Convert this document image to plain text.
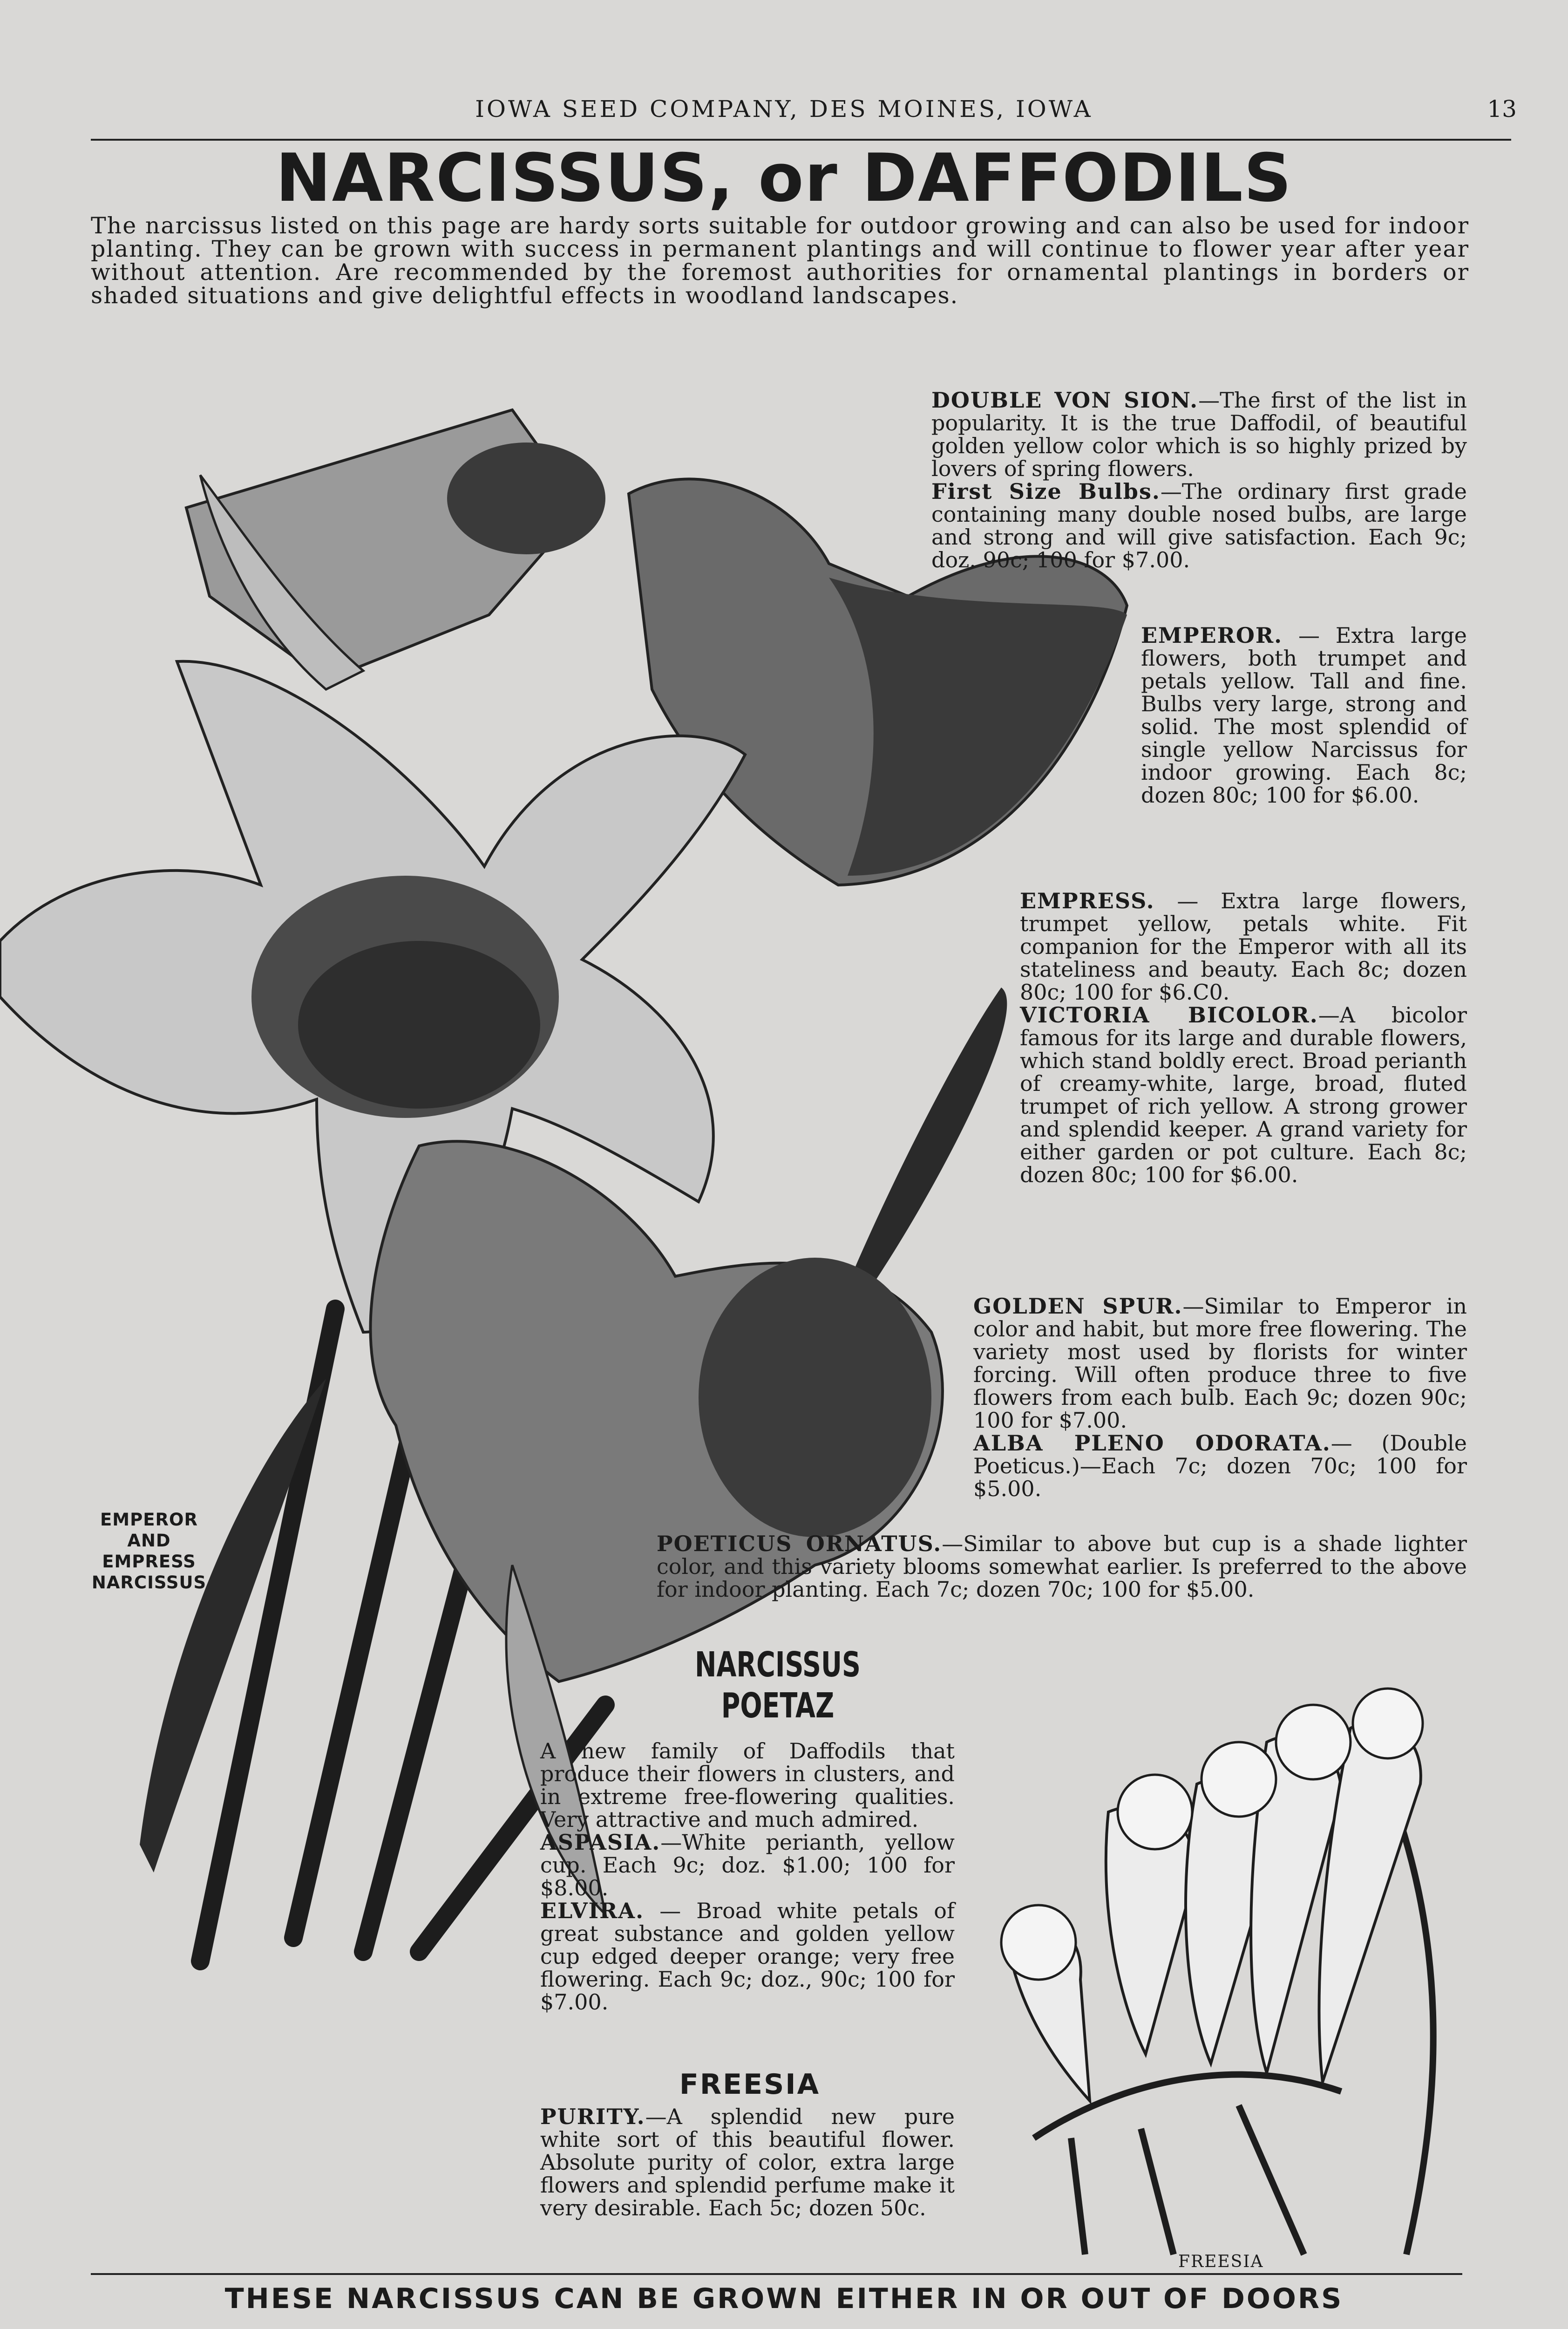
IOWA SEED COMPANY, DES MOINES, IOWA	13
NARCISSUS, or DAFFODILS
The narcissus listed on this page are hardy sorts suitable for outdoor growing and can also be used for indoor planting. They can be grown with success in permanent plantings and will continue to flower year after year without attention. Are recommended by the foremost authorities for ornamental plantings in borders or shaded situations and give delightful effects in woodland landscapes.
EMPEROR AND EMPRESS NARCISSUS

DOUBLE VON SION.—The first of the list in popularity. It is the true Daffodil, of beautiful golden yellow color which is so highly prized by lovers of spring flowers.

First Size Bulbs.—The ordinary first grade containing many double nosed bulbs, are large and strong and will give satisfaction. Each 9c; doz. 90c; 100 for $7.00.

EMPEROR. — Extra large flowers, both trumpet and petals yellow. Tall and fine. Bulbs very large, strong and solid. The most splendid of single yellow Narcissus for indoor growing. Each 8c; dozen 80c; 100 for $6.00.

EMPRESS. — Extra large flowers, trumpet yellow, petals white. Fit companion for the Emperor with all its stateliness and beauty. Each 8c; dozen 80c; 100 for $6.C0.

VICTORIA BICOLOR.—A bicolor famous for its large and durable flowers, which stand boldly erect. Broad perianth of creamy-white, large, broad, fluted trumpet of rich yellow. A strong grower and splendid keeper. A grand variety for either garden or pot culture. Each 8c; dozen 80c; 100 for $6.00.

GOLDEN SPUR.—Similar to Emperor in color and habit, but more free flowering. The variety most used by florists for winter forcing. Will often produce three to five flowers from each bulb. Each 9c; dozen 90c; 100 for $7.00.

ALBA PLENO ODORATA.— (Double Poeticus.)—Each 7c; dozen 70c; 100 for $5.00.

POETICUS ORNATUS.—Similar to above but cup is a shade lighter color, and this variety blooms somewhat earlier. Is preferred to the above for indoor planting. Each 7c; dozen 70c; 100 for $5.00.

NARCISSUS
POETAZ

A new family of Daffodils that produce their flowers in clusters, and in extreme free-flowering qualities. Very attractive and much admired.

ASPASIA.—White perianth, yellow cup. Each 9c; doz. $1.00; 100 for $8.00.

ELVIRA. — Broad white petals of great substance and golden yellow cup edged deeper orange; very free flowering. Each 9c; doz., 90c; 100 for $7.00.

FREESIA

PURITY.—A splendid new pure white sort of this beautiful flower. Absolute purity of color, extra large flowers and splendid perfume make it very desirable. Each 5c; dozen 50c.

FREESIA
THESE NARCISSUS CAN BE GROWN EITHER IN OR OUT OF DOORS
